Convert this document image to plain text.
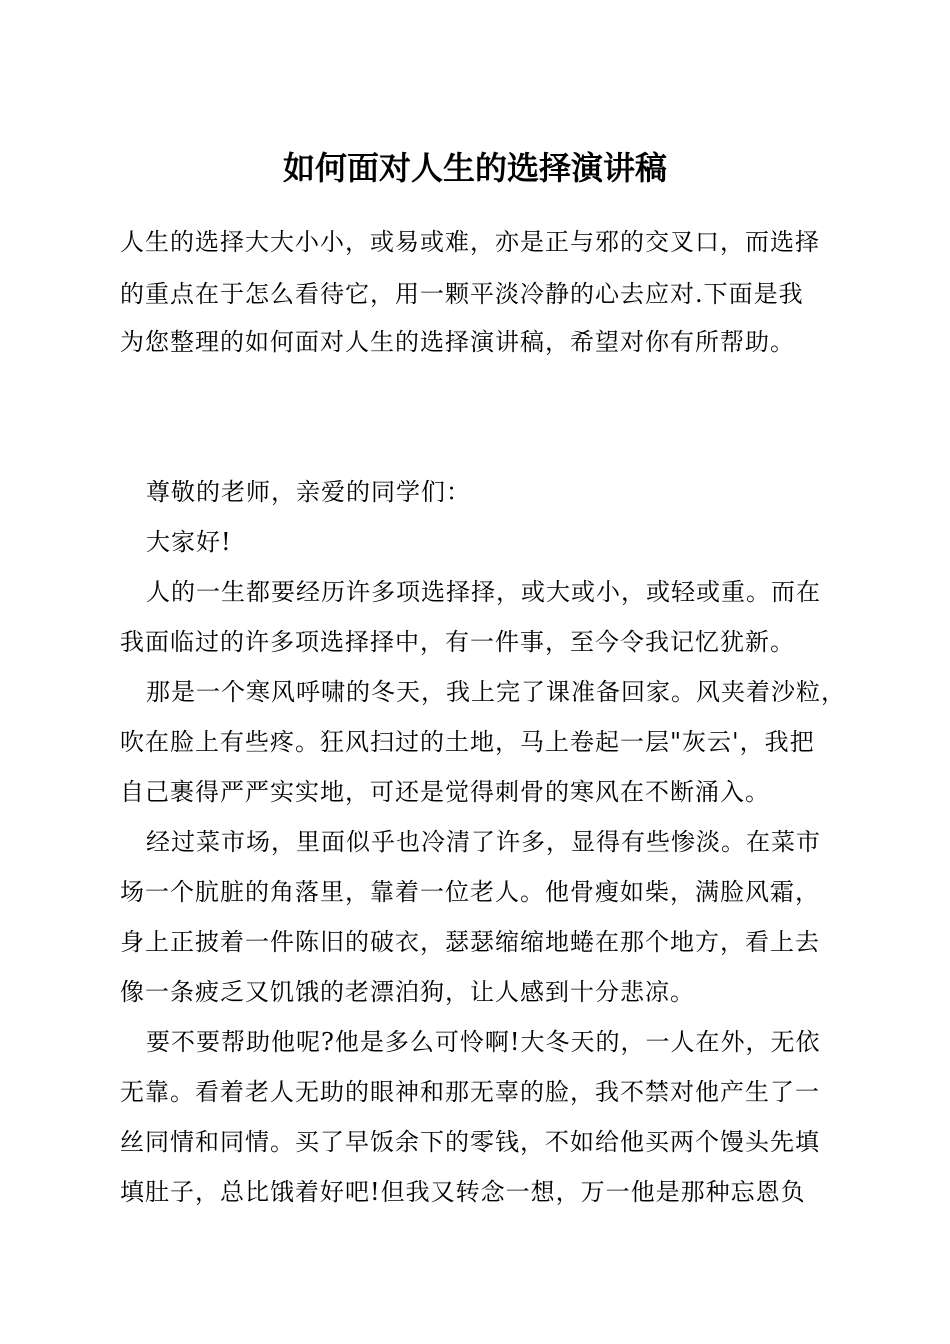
如何面对人生的选择演讲稿

人生的选择大大小小，或易或难，亦是正与邪的交叉口，而选择

的重点在于怎么看待它，用一颗平淡冷静的心去应对.下面是我

为您整理的如何面对人生的选择演讲稿，希望对你有所帮助。

尊敬的老师，亲爱的同学们：

大家好!

人的一生都要经历许多项选择择，或大或小，或轻或重。而在

我面临过的许多项选择择中，有一件事，至今令我记忆犹新。

那是一个寒风呼啸的冬天，我上完了课准备回家。风夹着沙粒，

吹在脸上有些疼。狂风扫过的土地，马上卷起一层"灰云'，我把

自己裹得严严实实地，可还是觉得刺骨的寒风在不断涌入。

经过菜市场，里面似乎也冷清了许多，显得有些惨淡。在菜市

场一个肮脏的角落里，靠着一位老人。他骨瘦如柴，满脸风霜，

身上正披着一件陈旧的破衣，瑟瑟缩缩地蜷在那个地方，看上去

像一条疲乏又饥饿的老漂泊狗，让人感到十分悲凉。

要不要帮助他呢?他是多么可怜啊!大冬天的，一人在外，无依

无靠。看着老人无助的眼神和那无辜的脸，我不禁对他产生了一

丝同情和同情。买了早饭余下的零钱，不如给他买两个馒头先填

填肚子，总比饿着好吧!但我又转念一想，万一他是那种忘恩负
